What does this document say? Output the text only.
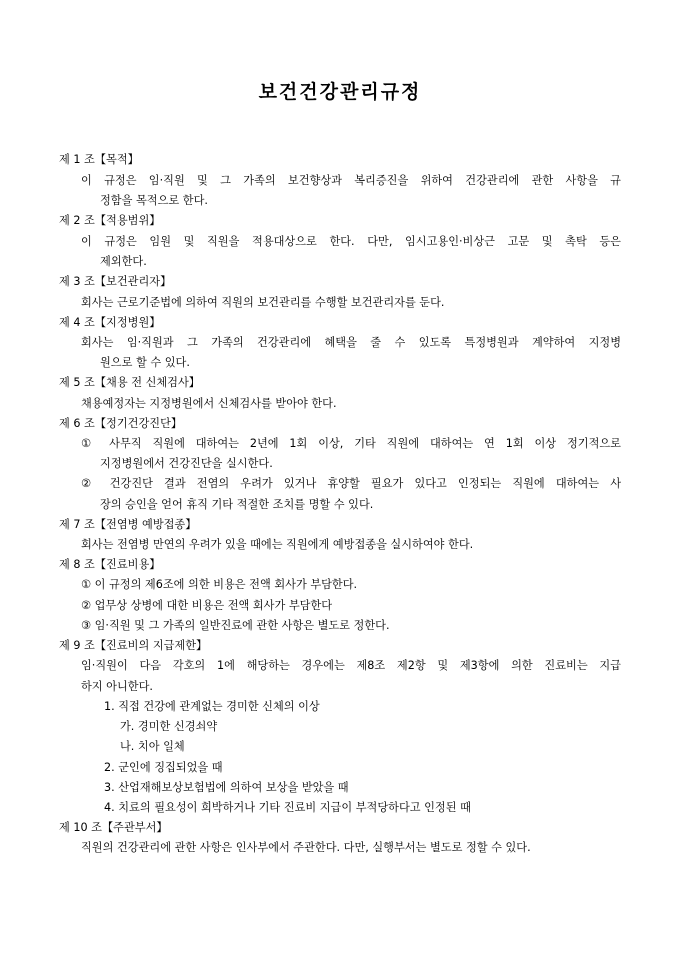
보건건강관리규정
제 1 조【목적】
이 규정은 임·직원 및 그 가족의 보건향상과 복리증진을 위하여 건강관리에 관한 사항을 규
정함을 목적으로 한다.
제 2 조【적용범위】
이 규정은 임원 및 직원을 적용대상으로 한다. 다만, 임시고용인·비상근 고문 및 촉탁 등은
제외한다.
제 3 조【보건관리자】
회사는 근로기준법에 의하여 직원의 보건관리를 수행할 보건관리자를 둔다.
제 4 조【지정병원】
회사는 임·직원과 그 가족의 건강관리에 혜택을 줄 수 있도록 특정병원과 계약하여 지정병
원으로 할 수 있다.
제 5 조【채용 전 신체검사】
채용예정자는 지정병원에서 신체검사를 받아야 한다.
제 6 조【정기건강진단】
① 사무직 직원에 대하여는 2년에 1회 이상, 기타 직원에 대하여는 연 1회 이상 정기적으로
지정병원에서 건강진단을 실시한다.
② 건강진단 결과 전염의 우려가 있거나 휴양할 필요가 있다고 인정되는 직원에 대하여는 사
장의 승인을 얻어 휴직 기타 적절한 조치를 명할 수 있다.
제 7 조【전염병 예방접종】
회사는 전염병 만연의 우려가 있을 때에는 직원에게 예방접종을 실시하여야 한다.
제 8 조【진료비용】
① 이 규정의 제6조에 의한 비용은 전액 회사가 부담한다.
② 업무상 상병에 대한 비용은 전액 회사가 부담한다
③ 임·직원 및 그 가족의 일반진료에 관한 사항은 별도로 정한다.
제 9 조【진료비의 지급제한】
임·직원이 다음 각호의 1에 해당하는 경우에는 제8조 제2항 및 제3항에 의한 진료비는 지급
하지 아니한다.
1. 직접 건강에 관계없는 경미한 신체의 이상
가. 경미한 신경쇠약
나. 치아 일체
2. 군인에 징집되었을 때
3. 산업재해보상보험법에 의하여 보상을 받았을 때
4. 치료의 필요성이 희박하거나 기타 진료비 지급이 부적당하다고 인정된 때
제 10 조【주관부서】
직원의 건강관리에 관한 사항은 인사부에서 주관한다. 다만, 실행부서는 별도로 정할 수 있다.
